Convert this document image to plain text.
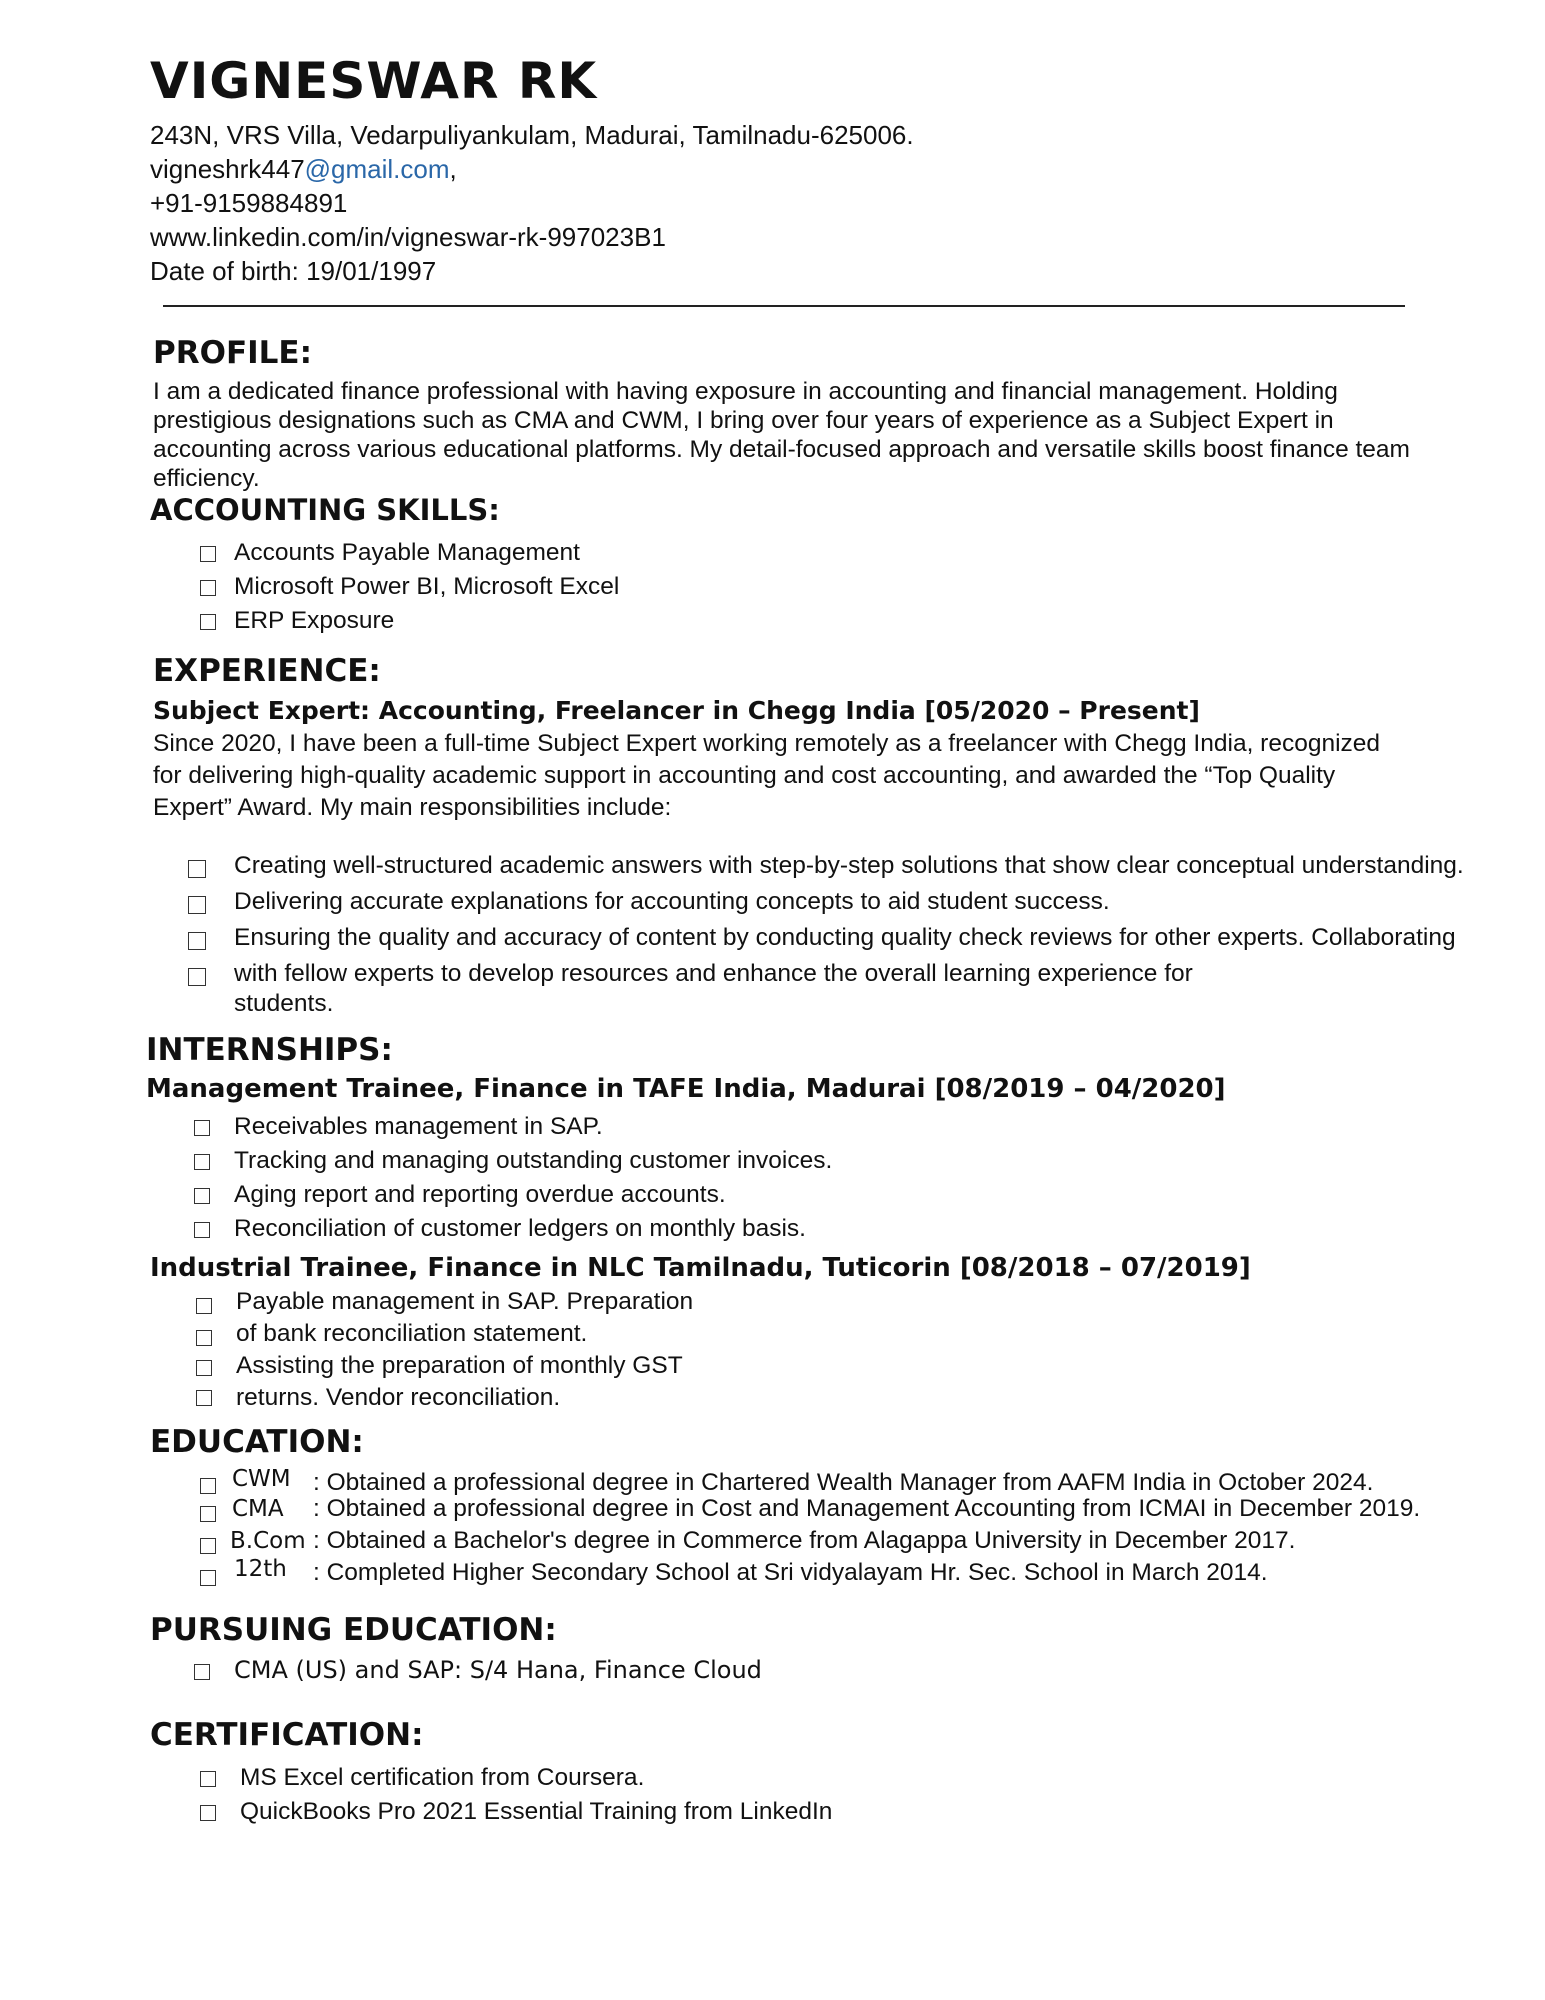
VIGNESWAR RK
243N, VRS Villa, Vedarpuliyankulam, Madurai, Tamilnadu-625006.
vigneshrk447@gmail.com,
+91-9159884891
www.linkedin.com/in/vigneswar-rk-997023B1
Date of birth: 19/01/1997
PROFILE:
I am a dedicated finance professional with having exposure in accounting and financial management. Holding prestigious designations such as CMA and CWM, I bring over four years of experience as a Subject Expert in accounting across various educational platforms. My detail-focused approach and versatile skills boost finance team efficiency.
ACCOUNTING SKILLS:
Accounts Payable Management
Microsoft Power BI, Microsoft Excel
ERP Exposure
EXPERIENCE:
Subject Expert: Accounting, Freelancer in Chegg India [05/2020 – Present]
Since 2020, I have been a full-time Subject Expert working remotely as a freelancer with Chegg India, recognized
for delivering high-quality academic support in accounting and cost accounting, and awarded the “Top Quality
Expert” Award. My main responsibilities include:
Creating well-structured academic answers with step-by-step solutions that show clear conceptual understanding.
Delivering accurate explanations for accounting concepts to aid student success.
Ensuring the quality and accuracy of content by conducting quality check reviews for other experts. Collaborating
with fellow experts to develop resources and enhance the overall learning experience for
students.
INTERNSHIPS:
Management Trainee, Finance in TAFE India, Madurai [08/2019 – 04/2020]
Receivables management in SAP.
Tracking and managing outstanding customer invoices.
Aging report and reporting overdue accounts.
Reconciliation of customer ledgers on monthly basis.
Industrial Trainee, Finance in NLC Tamilnadu, Tuticorin [08/2018 – 07/2019]
Payable management in SAP. Preparation
of bank reconciliation statement.
Assisting the preparation of monthly GST
returns. Vendor reconciliation.
EDUCATION:
CWM : Obtained a professional degree in Chartered Wealth Manager from AAFM India in October 2024.
CMA : Obtained a professional degree in Cost and Management Accounting from ICMAI in December 2019.
B.Com : Obtained a Bachelor's degree in Commerce from Alagappa University in December 2017.
12th : Completed Higher Secondary School at Sri vidyalayam Hr. Sec. School in March 2014.
PURSUING EDUCATION:
CMA (US) and SAP: S/4 Hana, Finance Cloud
CERTIFICATION:
MS Excel certification from Coursera.
QuickBooks Pro 2021 Essential Training from LinkedIn
